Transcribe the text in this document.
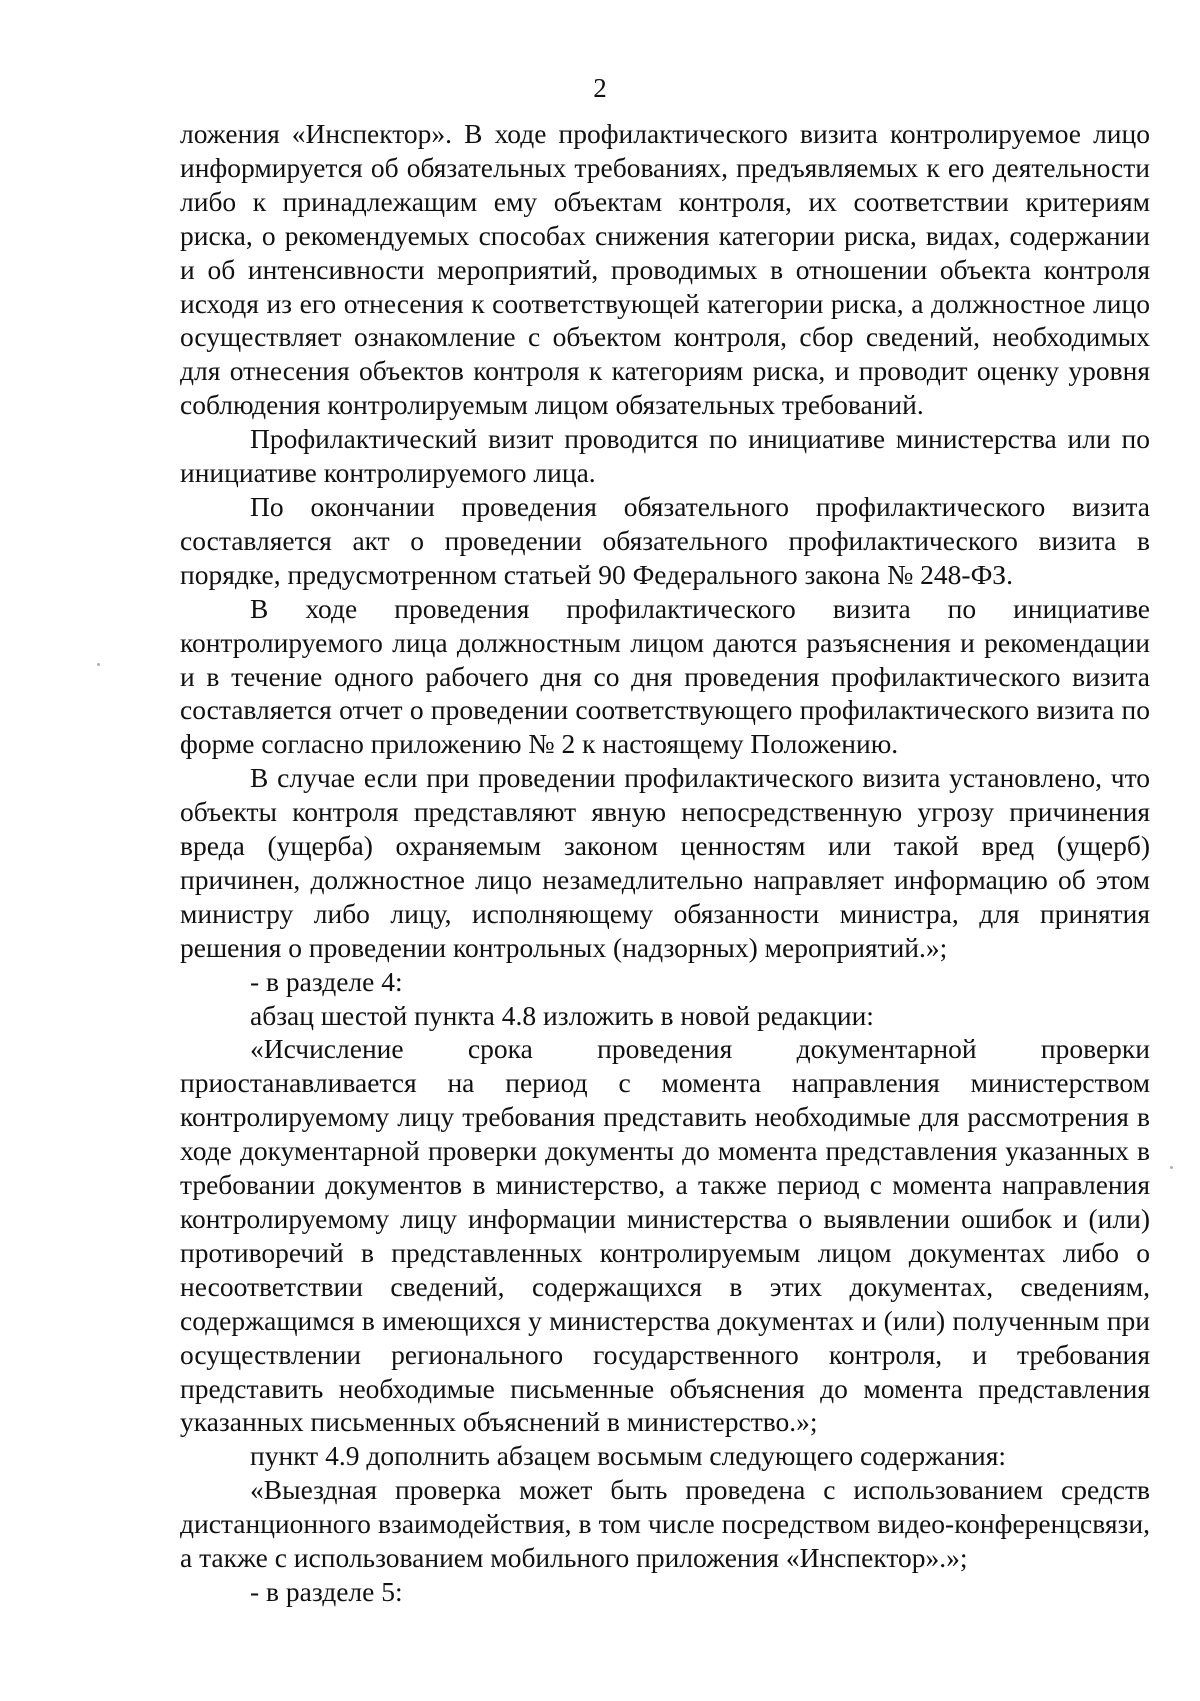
2

ложения «Инспектор». В ходе профилактического визита контролируемое лицо информируется об обязательных требованиях, предъявляемых к его деятельности либо к принадлежащим ему объектам контроля, их соответствии критериям риска, о рекомендуемых способах снижения категории риска, видах, содержании и об интенсивности мероприятий, проводимых в отношении объекта контроля исходя из его отнесения к соответствующей категории риска, а должностное лицо осуществляет ознакомление с объектом контроля, сбор сведений, необходимых для отнесения объектов контроля к категориям риска, и проводит оценку уровня соблюдения контролируемым лицом обязательных требований.

Профилактический визит проводится по инициативе министерства или по инициативе контролируемого лица.

По окончании проведения обязательного профилактического визита составляется акт о проведении обязательного профилактического визита в порядке, предусмотренном статьей 90 Федерального закона № 248-ФЗ.

В ходе проведения профилактического визита по инициативе контролируемого лица должностным лицом даются разъяснения и рекомендации и в течение одного рабочего дня со дня проведения профилактического визита составляется отчет о проведении соответствующего профилактического визита по форме согласно приложению № 2 к настоящему Положению.

В случае если при проведении профилактического визита установлено, что объекты контроля представляют явную непосредственную угрозу причинения вреда (ущерба) охраняемым законом ценностям или такой вред (ущерб) причинен, должностное лицо незамедлительно направляет информацию об этом министру либо лицу, исполняющему обязанности министра, для принятия решения о проведении контрольных (надзорных) мероприятий.»;

- в разделе 4:

абзац шестой пункта 4.8 изложить в новой редакции:

«Исчисление срока проведения документарной проверки приостанавливается на период с момента направления министерством контролируемому лицу требования представить необходимые для рассмотрения в ходе документарной проверки документы до момента представления указанных в требовании документов в министерство, а также период с момента направления контролируемому лицу информации министерства о выявлении ошибок и (или) противоречий в представленных контролируемым лицом документах либо о несоответствии сведений, содержащихся в этих документах, сведениям, содержащимся в имеющихся у министерства документах и (или) полученным при осуществлении регионального государственного контроля, и требования представить необходимые письменные объяснения до момента представления указанных письменных объяснений в министерство.»;

пункт 4.9 дополнить абзацем восьмым следующего содержания:

«Выездная проверка может быть проведена с использованием средств дистанционного взаимодействия, в том числе посредством видео-конференцсвязи, а также с использованием мобильного приложения «Инспектор».»;

- в разделе 5:
